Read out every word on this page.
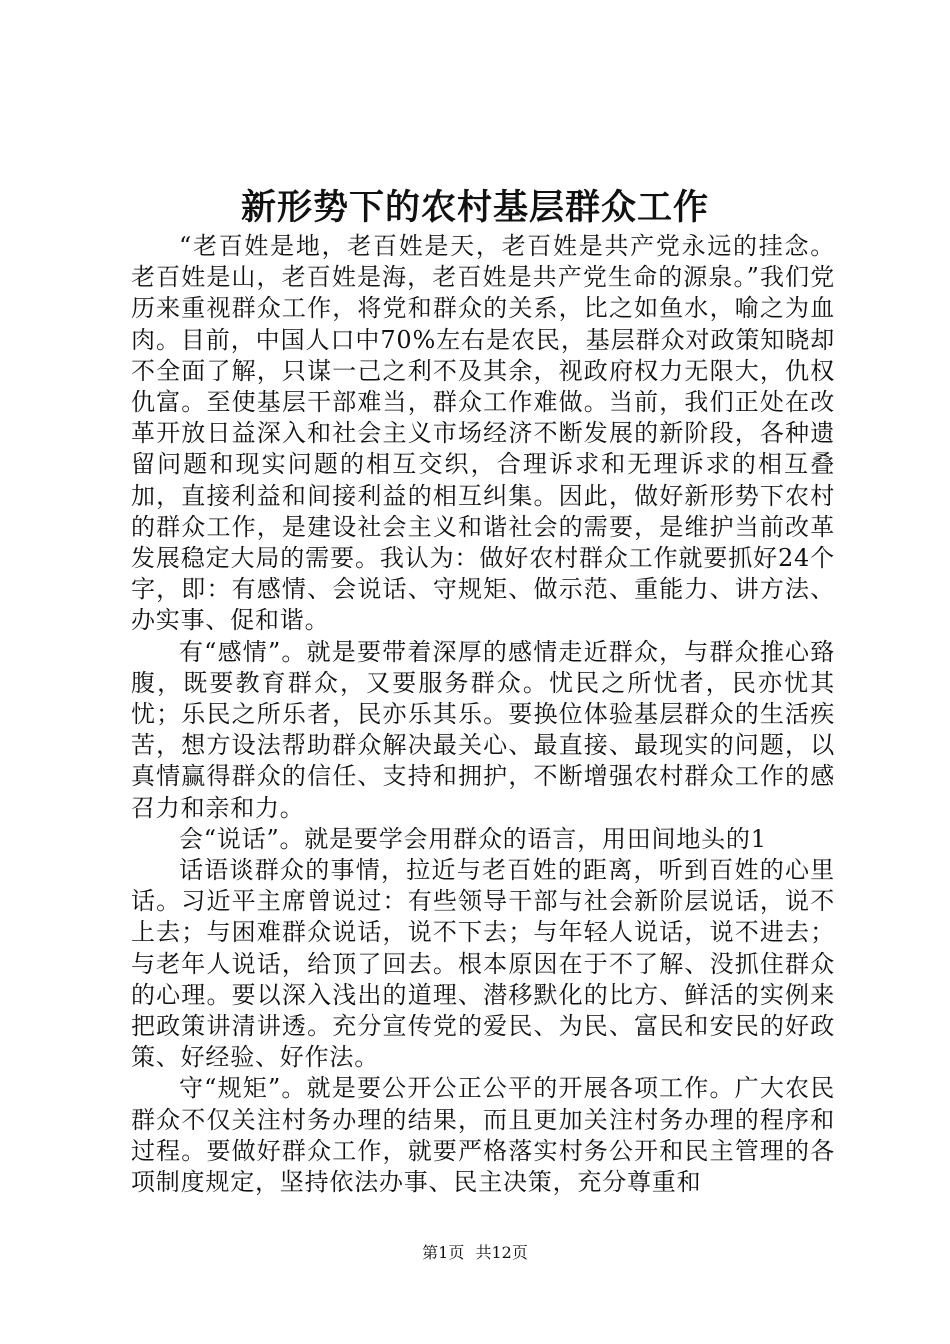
新形势下的农村基层群众工作

“老百姓是地，老百姓是天，老百姓是共产党永远的挂念。老百姓是山，老百姓是海，老百姓是共产党生命的源泉。”我们党历来重视群众工作，将党和群众的关系，比之如鱼水，喻之为血肉。目前，中国人口中70%左右是农民，基层群众对政策知晓却不全面了解，只谋一己之利不及其余，视政府权力无限大，仇权仇富。至使基层干部难当，群众工作难做。当前，我们正处在改革开放日益深入和社会主义市场经济不断发展的新阶段，各种遗留问题和现实问题的相互交织，合理诉求和无理诉求的相互叠加，直接利益和间接利益的相互纠集。因此，做好新形势下农村的群众工作，是建设社会主义和谐社会的需要，是维护当前改革发展稳定大局的需要。我认为：做好农村群众工作就要抓好24个字，即：有感情、会说话、守规矩、做示范、重能力、讲方法、办实事、促和谐。

有“感情”。就是要带着深厚的感情走近群众，与群众推心臵腹，既要教育群众，又要服务群众。忧民之所忧者，民亦忧其忧；乐民之所乐者，民亦乐其乐。要换位体验基层群众的生活疾苦，想方设法帮助群众解决最关心、最直接、最现实的问题，以真情赢得群众的信任、支持和拥护，不断增强农村群众工作的感召力和亲和力。

会“说话”。就是要学会用群众的语言，用田间地头的1

话语谈群众的事情，拉近与老百姓的距离，听到百姓的心里话。习近平主席曾说过：有些领导干部与社会新阶层说话，说不上去；与困难群众说话，说不下去；与年轻人说话，说不进去；与老年人说话，给顶了回去。根本原因在于不了解、没抓住群众的心理。要以深入浅出的道理、潜移默化的比方、鲜活的实例来把政策讲清讲透。充分宣传党的爱民、为民、富民和安民的好政策、好经验、好作法。

守“规矩”。就是要公开公正公平的开展各项工作。广大农民群众不仅关注村务办理的结果，而且更加关注村务办理的程序和过程。要做好群众工作，就要严格落实村务公开和民主管理的各项制度规定，坚持依法办事、民主决策，充分尊重和

第1页 共12页
